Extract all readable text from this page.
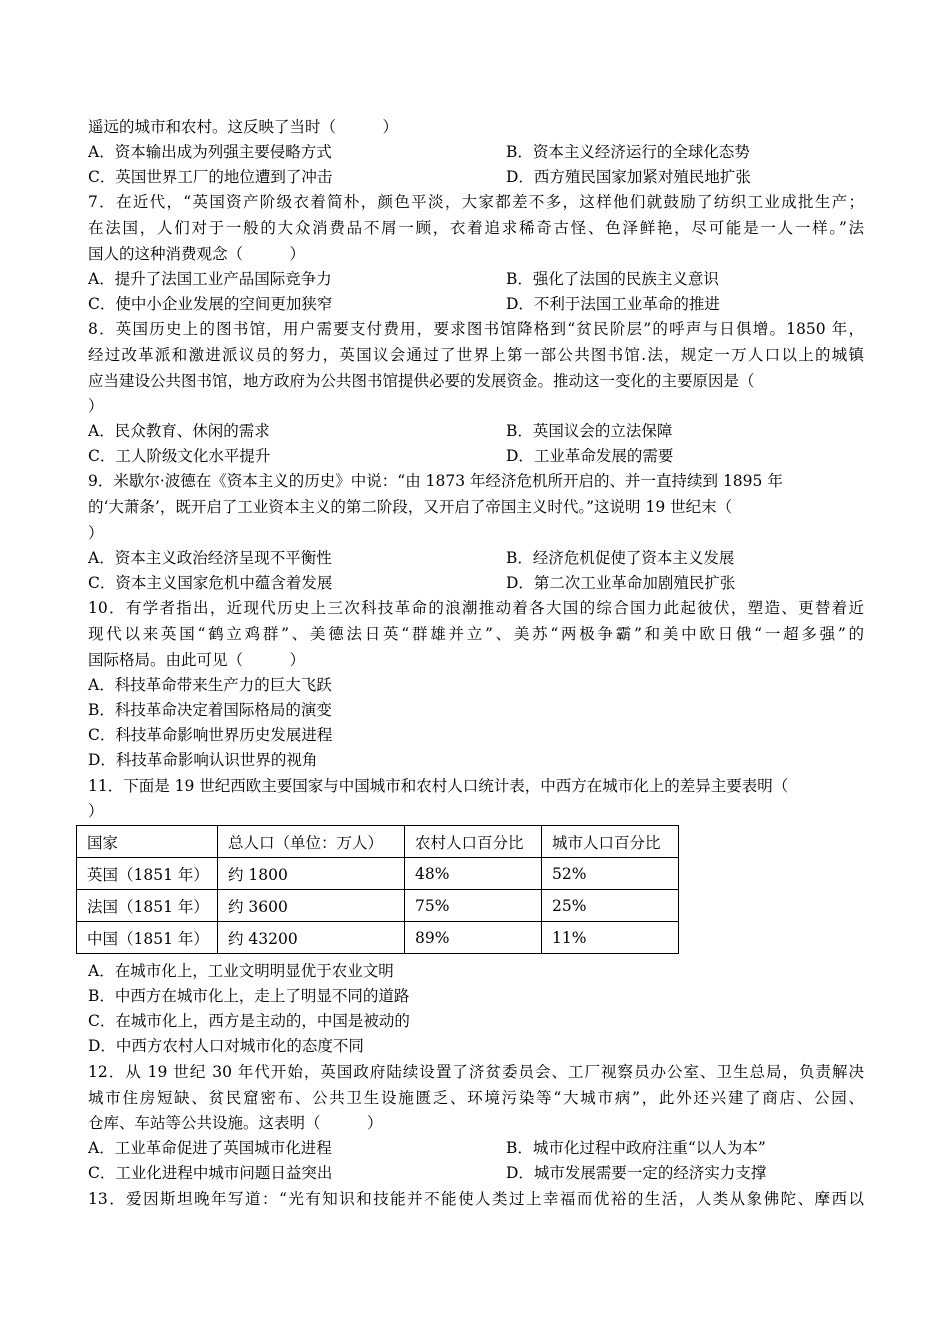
遥远的城市和农村。这反映了当时（　　　）
A．资本输出成为列强主要侵略方式	B．资本主义经济运行的全球化态势
C．英国世界工厂的地位遭到了冲击	D．西方殖民国家加紧对殖民地扩张
7．在近代，“英国资产阶级衣着简朴，颜色平淡，大家都差不多，这样他们就鼓励了纺织工业成批生产；
在法国，人们对于一般的大众消费品不屑一顾，衣着追求稀奇古怪、色泽鲜艳，尽可能是一人一样。”法
国人的这种消费观念（　　　）
A．提升了法国工业产品国际竞争力	B．强化了法国的民族主义意识
C．使中小企业发展的空间更加狭窄	D．不利于法国工业革命的推进
8．英国历史上的图书馆，用户需要支付费用，要求图书馆降格到“贫民阶层”的呼声与日俱增。1850 年，
经过改革派和激进派议员的努力，英国议会通过了世界上第一部公共图书馆.法，规定一万人口以上的城镇
应当建设公共图书馆，地方政府为公共图书馆提供必要的发展资金。推动这一变化的主要原因是（
）
A．民众教育、休闲的需求	B．英国议会的立法保障
C．工人阶级文化水平提升	D．工业革命发展的需要
9．米歇尔·波德在《资本主义的历史》中说：“由 1873 年经济危机所开启的、并一直持续到 1895 年
的‘大萧条’，既开启了工业资本主义的第二阶段，又开启了帝国主义时代。”这说明 19 世纪末（
）
A．资本主义政治经济呈现不平衡性	B．经济危机促使了资本主义发展
C．资本主义国家危机中蕴含着发展	D．第二次工业革命加剧殖民扩张
10．有学者指出，近现代历史上三次科技革命的浪潮推动着各大国的综合国力此起彼伏，塑造、更替着近
现代以来英国“鹤立鸡群”、美德法日英“群雄并立”、美苏“两极争霸”和美中欧日俄“一超多强”的
国际格局。由此可见（　　　）
A．科技革命带来生产力的巨大飞跃
B．科技革命决定着国际格局的演变
C．科技革命影响世界历史发展进程
D．科技革命影响认识世界的视角
11．下面是 19 世纪西欧主要国家与中国城市和农村人口统计表，中西方在城市化上的差异主要表明（
）
国家	总人口（单位：万人）	农村人口百分比	城市人口百分比
英国（1851 年）	约 1800	48%	52%
法国（1851 年）	约 3600	75%	25%
中国（1851 年）	约 43200	89%	11%
A．在城市化上，工业文明明显优于农业文明
B．中西方在城市化上，走上了明显不同的道路
C．在城市化上，西方是主动的，中国是被动的
D．中西方农村人口对城市化的态度不同
12．从 19 世纪 30 年代开始，英国政府陆续设置了济贫委员会、工厂视察员办公室、卫生总局，负责解决
城市住房短缺、贫民窟密布、公共卫生设施匮乏、环境污染等“大城市病”，此外还兴建了商店、公园、
仓库、车站等公共设施。这表明（　　　）
A．工业革命促进了英国城市化进程	B．城市化过程中政府注重“以人为本”
C．工业化进程中城市问题日益突出	D．城市发展需要一定的经济实力支撑
13．爱因斯坦晚年写道：“光有知识和技能并不能使人类过上幸福而优裕的生活，人类从象佛陀、摩西以
